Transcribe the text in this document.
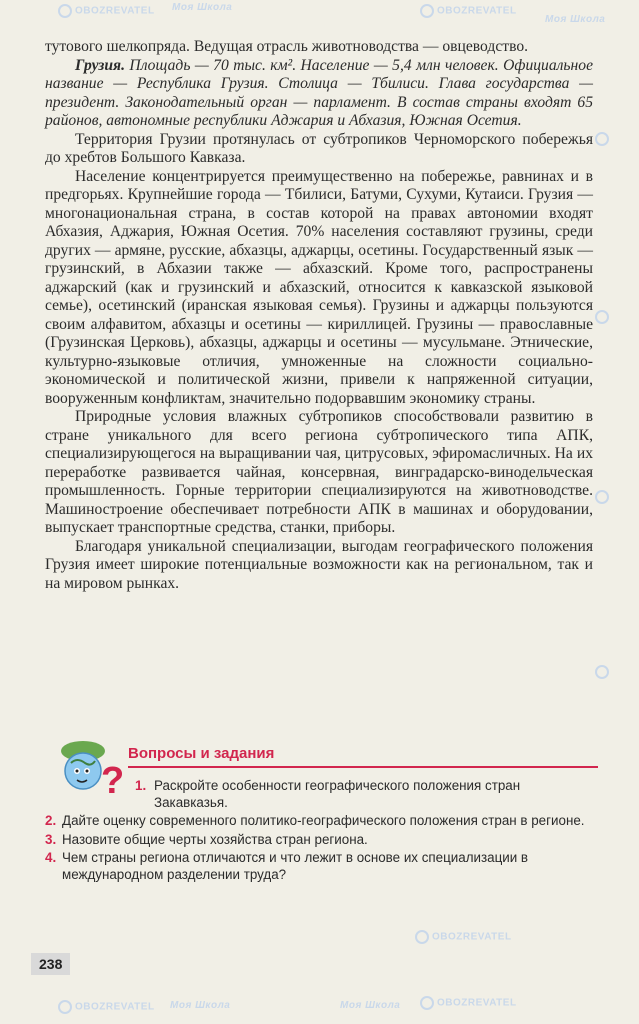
OBOZREVATEL Моя Школа	OBOZREVATEL
Моя Школа
OBOZREVATEL
Моя Школа	OBOZREVATEL
Моя Школа
OBOZREVATEL

тутового шелкопряда. Ведущая отрасль животноводства — овцеводство.

Грузия. Площадь — 70 тыс. км². Население — 5,4 млн человек. Официальное название — Республика Грузия. Столица — Тбилиси. Глава государства — президент. Законодательный орган — парламент. В состав страны входят 65 районов, автономные республики Аджария и Абхазия, Южная Осетия.

Территория Грузии протянулась от субтропиков Черноморского побережья до хребтов Большого Кавказа.

Население концентрируется преимущественно на побережье, равнинах и в предгорьях. Крупнейшие города — Тбилиси, Батуми, Сухуми, Кутаиси. Грузия — многонациональная страна, в состав которой на правах автономии входят Абхазия, Аджария, Южная Осетия. 70% населения составляют грузины, среди других — армяне, русские, абхазцы, аджарцы, осетины. Государственный язык — грузинский, в Абхазии также — абхазский. Кроме того, распространены аджарский (как и грузинский и абхазский, относится к кавказской языковой семье), осетинский (иранская языковая семья). Грузины и аджарцы пользуются своим алфавитом, абхазцы и осетины — кириллицей. Грузины — православные (Грузинская Церковь), абхазцы, аджарцы и осетины — мусульмане. Этнические, культурно-языковые отличия, умноженные на сложности социально-экономической и политической жизни, привели к напряженной ситуации, вооруженным конфликтам, значительно подорвавшим экономику страны.

Природные условия влажных субтропиков способствовали развитию в стране уникального для всего региона субтропического типа АПК, специализирующегося на выращивании чая, цитрусовых, эфиромасличных. На их переработке развивается чайная, консервная, винградарско-винодельческая промышленность. Горные территории специализируются на животноводстве. Машиностроение обеспечивает потребности АПК в машинах и оборудовании, выпускает транспортные средства, станки, приборы.

Благодаря уникальной специализации, выгодам географического положения Грузия имеет широкие потенциальные возможности как на региональном, так и на мировом рынках.

?
Вопросы и задания
1. Раскройте особенности географического положения стран Закавказья.
2. Дайте оценку современного политико-географического положения стран в регионе.
3. Назовите общие черты хозяйства стран региона.
4. Чем страны региона отличаются и что лежит в основе их специализации в международном разделении труда?
238
